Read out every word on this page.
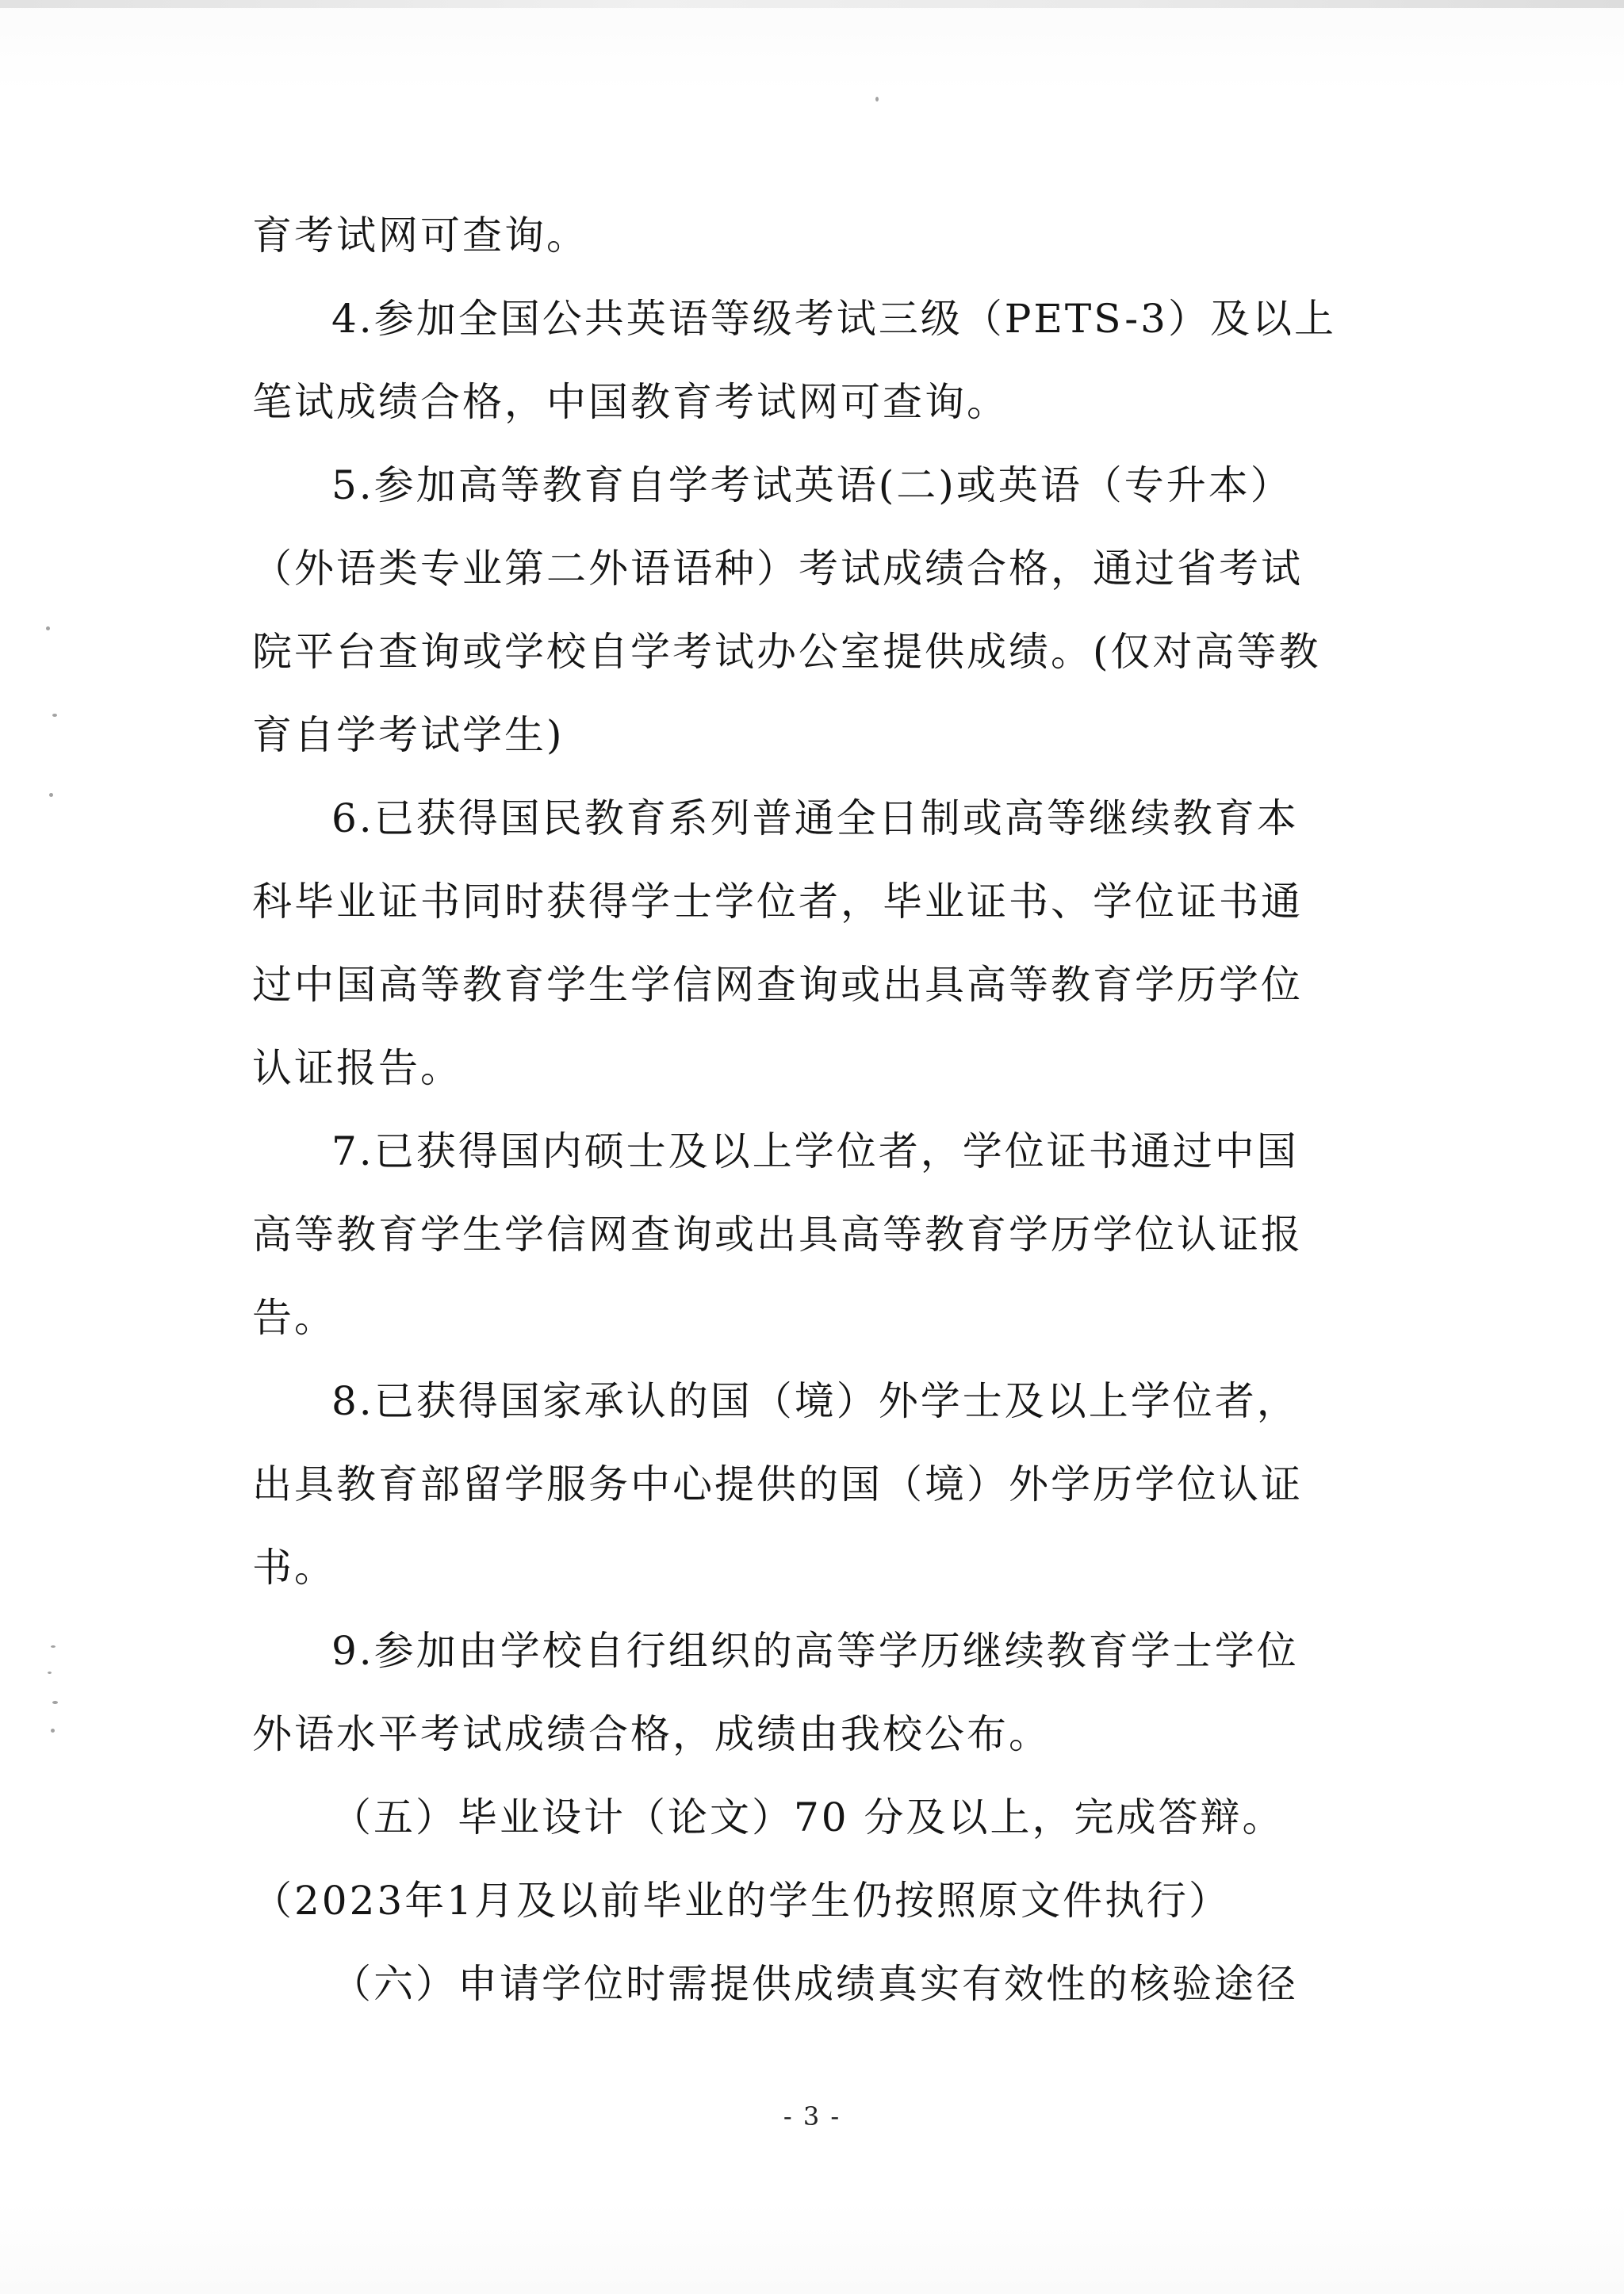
育考试网可查询。
4.参加全国公共英语等级考试三级（PETS-3）及以上
笔试成绩合格，中国教育考试网可查询。
5.参加高等教育自学考试英语(二)或英语（专升本）
（外语类专业第二外语语种）考试成绩合格，通过省考试
院平台查询或学校自学考试办公室提供成绩。(仅对高等教
育自学考试学生)
6.已获得国民教育系列普通全日制或高等继续教育本
科毕业证书同时获得学士学位者，毕业证书、学位证书通
过中国高等教育学生学信网查询或出具高等教育学历学位
认证报告。
7.已获得国内硕士及以上学位者，学位证书通过中国
高等教育学生学信网查询或出具高等教育学历学位认证报
告。
8.已获得国家承认的国（境）外学士及以上学位者，
出具教育部留学服务中心提供的国（境）外学历学位认证
书。
9.参加由学校自行组织的高等学历继续教育学士学位
外语水平考试成绩合格，成绩由我校公布。
（五）毕业设计（论文）70 分及以上，完成答辩。
（2023年1月及以前毕业的学生仍按照原文件执行）
（六）申请学位时需提供成绩真实有效性的核验途径
- 3 -
